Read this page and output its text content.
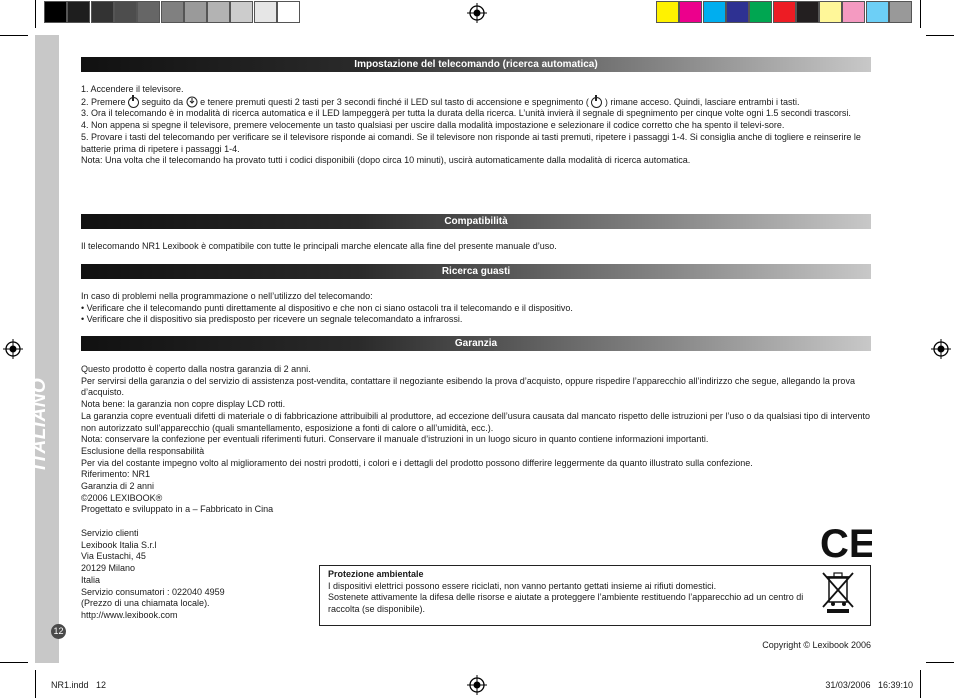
ITALIANO
12
Impostazione del telecomando (ricerca automatica)

1. Accendere il televisore.

2. Premere seguito da e tenere premuti questi 2 tasti per 3 secondi finché il LED sul tasto di accensione e spegnimento ( ) rimane acceso. Quindi, lasciare entrambi i tasti.

3. Ora il telecomando è in modalità di ricerca automatica e il LED lampeggerà per tutta la durata della ricerca. L’unità invierà il segnale di spegnimento per cinque volte ogni 1.5 secondi trascorsi.

4. Non appena si spegne il televisore, premere velocemente un tasto qualsiasi per uscire dalla modalità impostazione e selezionare il codice corretto che ha spento il televi-sore.

5. Provare i tasti del telecomando per verificare se il televisore risponde ai comandi. Se il televisore non risponde ai tasti premuti, ripetere i passaggi 1-4. Si consiglia anche di togliere e reinserire le batterie prima di ripetere i passaggi 1-4.

Nota: Una volta che il telecomando ha provato tutti i codici disponibili (dopo circa 10 minuti), uscirà automaticamente dalla modalità di ricerca automatica.

Compatibilità
Il telecomando NR1 Lexibook è compatibile con tutte le principali marche elencate alla fine del presente manuale d’uso.
Ricerca guasti

In caso di problemi nella programmazione o nell’utilizzo del telecomando:

• Verificare che il telecomando punti direttamente al dispositivo e che non ci siano ostacoli tra il telecomando e il dispositivo.

• Verificare che il dispositivo sia predisposto per ricevere un segnale telecomandato a infrarossi.

Garanzia

Questo prodotto è coperto dalla nostra garanzia di 2 anni.

Per servirsi della garanzia o del servizio di assistenza post-vendita, contattare il negoziante esibendo la prova d’acquisto, oppure rispedire l’apparecchio all’indirizzo che segue, allegando la prova d’acquisto.

Nota bene: la garanzia non copre display LCD rotti.

La garanzia copre eventuali difetti di materiale o di fabbricazione attribuibili al produttore, ad eccezione dell’usura causata dal mancato rispetto delle istruzioni per l’uso o da qualsiasi tipo di intervento non autorizzato sull’apparecchio (quali smantellamento, esposizione a fonti di calore o all’umidità, ecc.).

Nota: conservare la confezione per eventuali riferimenti futuri. Conservare il manuale d’istruzioni in un luogo sicuro in quanto contiene informazioni importanti.

Esclusione della responsabilità

Per via del costante impegno volto al miglioramento dei nostri prodotti, i colori e i dettagli del prodotto possono differire leggermente da quanto illustrato sulla confezione.

Riferimento: NR1

Garanzia di 2 anni

©2006 LEXIBOOK®

Progettato e sviluppato in a – Fabbricato in Cina

Servizio clienti

Lexibook Italia S.r.l

Via Eustachi, 45

20129 Milano

Italia

Servizio consumatori : 022040 4959

(Prezzo di una chiamata locale).

http://www.lexibook.com

CE
Protezione ambientale
I dispositivi elettrici possono essere riciclati, non vanno pertanto gettati insieme ai rifiuti domestici.
Sostenete attivamente la difesa delle risorse e aiutate a proteggere l’ambiente restituendo l’apparecchio ad un centro di raccolta (se disponibile).
Copyright © Lexibook 2006
NR1.indd   12	31/03/2006   16:39:10
